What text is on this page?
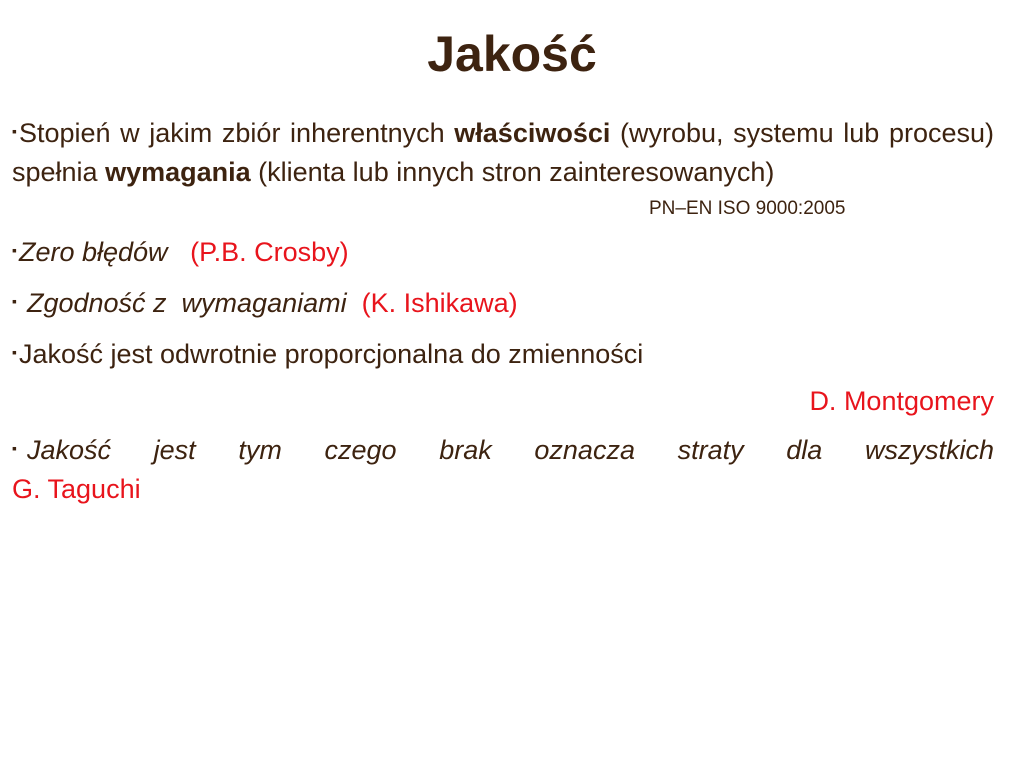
Jakość

▪Stopień w jakim zbiór inherentnych właściwości (wyrobu, systemu lub procesu) spełnia wymagania (klienta lub innych stron zainteresowanych)

PN–EN ISO 9000:2005

▪Zero błędów (P.B. Crosby)

▪ Zgodność z  wymaganiami (K. Ishikawa)

▪Jakość jest odwrotnie proporcjonalna do zmienności

D. Montgomery

▪ Jakość jest tym czego brak oznacza straty dla wszystkich

G. Taguchi
